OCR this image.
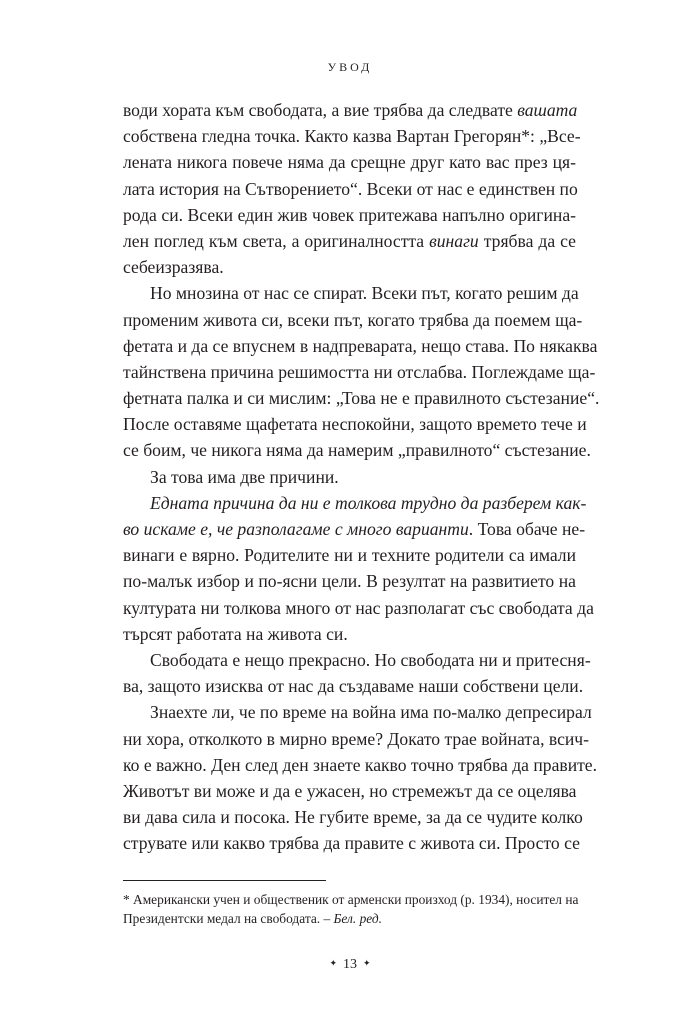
УВОД
води хората към свободата, а вие трябва да следвате вашата
собствена гледна точка. Както казва Вартан Грегорян*: „Все-
лената никога повече няма да срещне друг като вас през ця-
лата история на Сътворението“. Всеки от нас е единствен по
рода си. Всеки един жив човек притежава напълно оригина-
лен поглед към света, а оригиналността винаги трябва да се
себеизразява.
Но мнозина от нас се спират. Всеки път, когато решим да
променим живота си, всеки път, когато трябва да поемем ща-
фетата и да се впуснем в надпреварата, нещо става. По някаква
тайнствена причина решимостта ни отслабва. Поглеждаме ща-
фетната палка и си мислим: „Това не е правилното състезание“.
После оставяме щафетата неспокойни, защото времето тече и
се боим, че никога няма да намерим „правилното“ състезание.
За това има две причини.
Едната причина да ни е толкова трудно да разберем как-
во искаме е, че разполагаме с много варианти. Това обаче не-
винаги е вярно. Родителите ни и техните родители са имали
по-малък избор и по-ясни цели. В резултат на развитието на
културата ни толкова много от нас разполагат със свободата да
търсят работата на живота си.
Свободата е нещо прекрасно. Но свободата ни и притесня-
ва, защото изисква от нас да създаваме наши собствени цели.
Знаехте ли, че по време на война има по-малко депресирал
ни хора, отколкото в мирно време? Докато трае войната, всич-
ко е важно. Ден след ден знаете какво точно трябва да правите.
Животът ви може и да е ужасен, но стремежът да се оцелява
ви дава сила и посока. Не губите време, за да се чудите колко
струвате или какво трябва да правите с живота си. Просто се
* Американски учен и общественик от арменски произход (р. 1934), носител на
Президентски медал на свободата. – Бел. ред.
✦ 13 ✦
